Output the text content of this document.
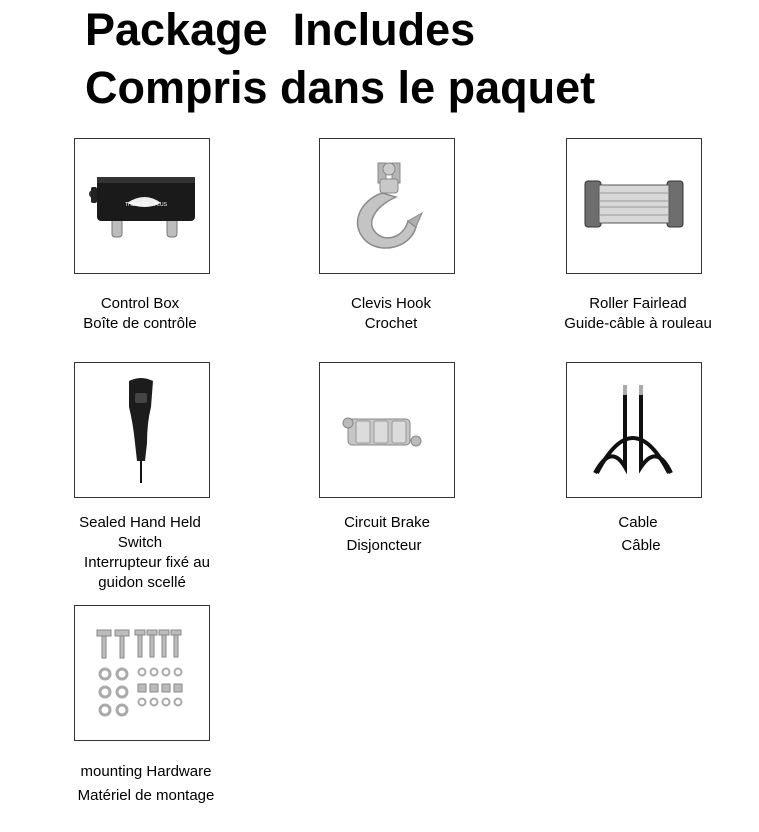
Package  Includes
Compris dans le paquet
THUNDER · PLUS
Control Box
Boîte de contrôle
Clevis Hook
Crochet
Roller Fairlead
Guide-câble à rouleau
Sealed Hand Held
Switch
Interrupteur fixé au
guidon scellé
Circuit Brake
Disjoncteur
Cable
Câble
mounting Hardware
Matériel de montage
